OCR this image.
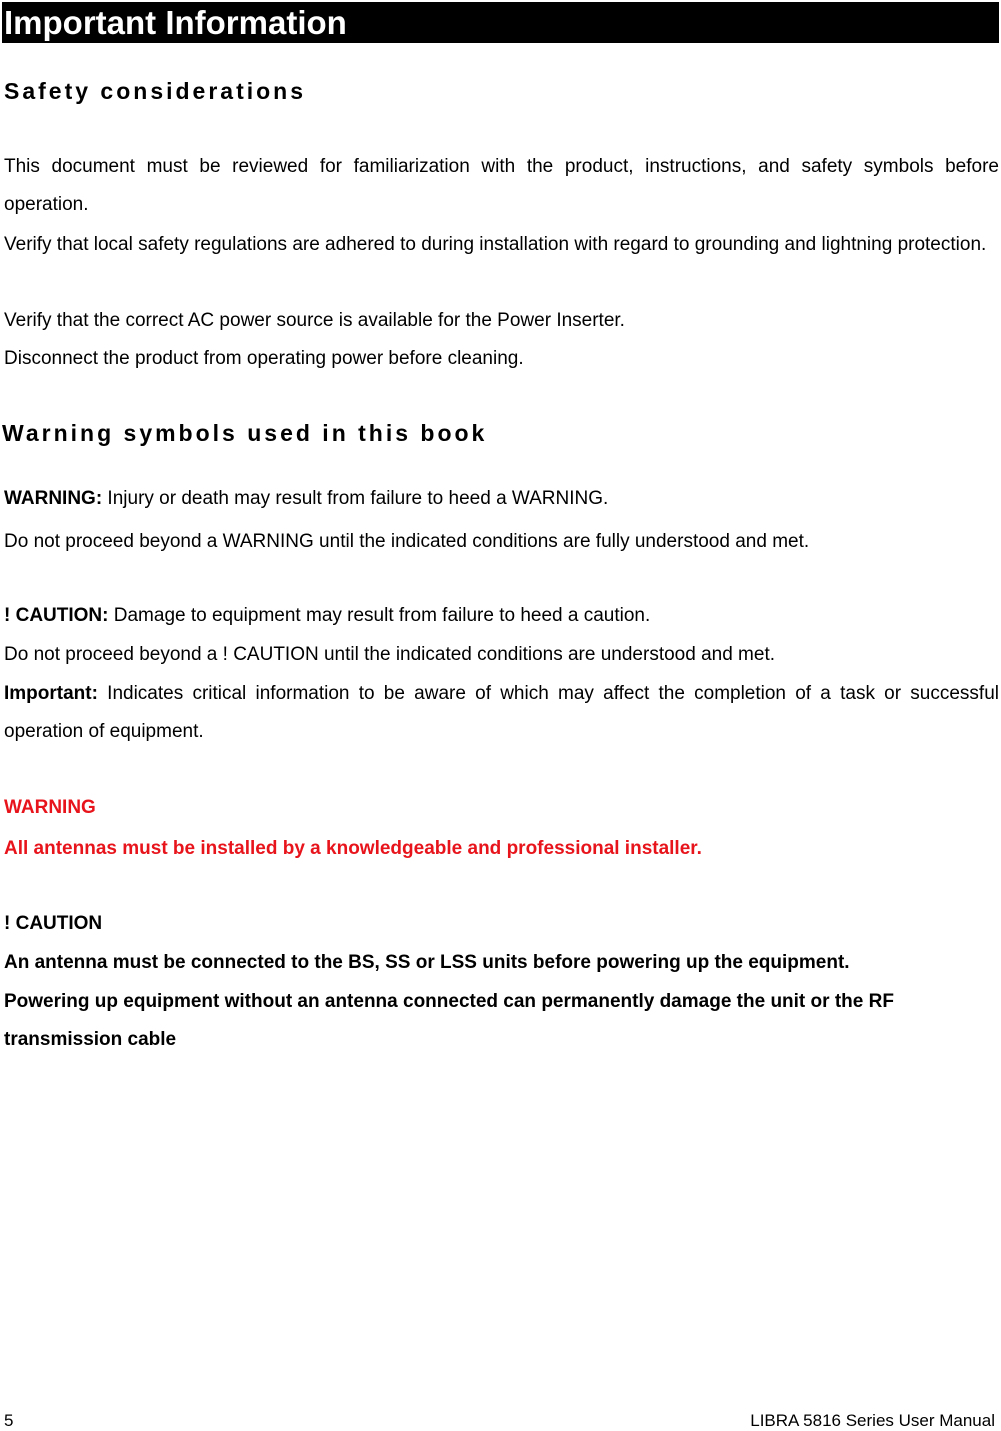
Important Information
Safety considerations
This document must be reviewed for familiarization with the product, instructions, and safety symbols before operation.
Verify that local safety regulations are adhered to during installation with regard to grounding and lightning protection.
Verify that the correct AC power source is available for the Power Inserter.
Disconnect the product from operating power before cleaning.
Warning symbols used in this book
WARNING: Injury or death may result from failure to heed a WARNING.
Do not proceed beyond a WARNING until the indicated conditions are fully understood and met.
! CAUTION: Damage to equipment may result from failure to heed a caution.
Do not proceed beyond a ! CAUTION until the indicated conditions are understood and met.
Important: Indicates critical information to be aware of which may affect the completion of a task or successful operation of equipment.
WARNING
All antennas must be installed by a knowledgeable and professional installer.
! CAUTION
An antenna must be connected to the BS, SS or LSS units before powering up the equipment.
Powering up equipment without an antenna connected can permanently damage the unit or the RF transmission cable
5	LIBRA 5816 Series User Manual
